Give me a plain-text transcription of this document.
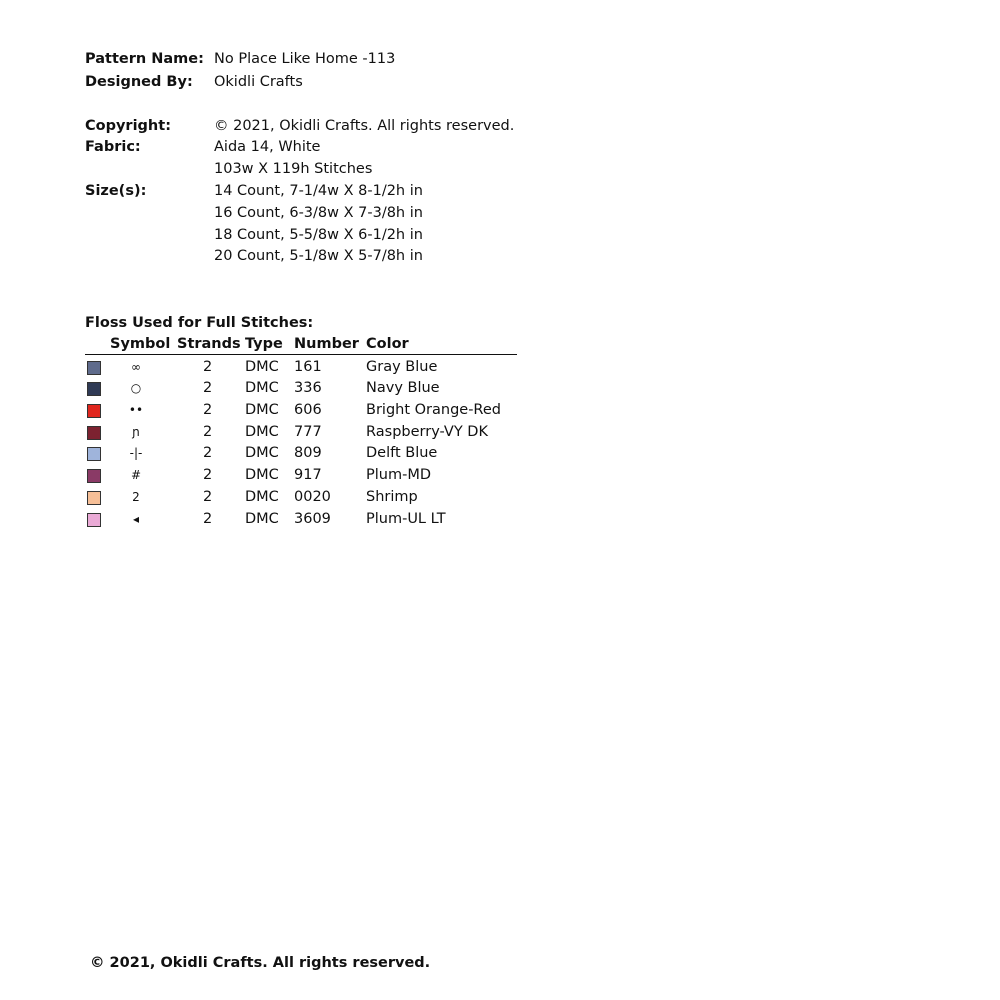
Pattern Name: No Place Like Home -113
Designed By: Okidli Crafts
Copyright:	© 2021, Okidli Crafts. All rights reserved.
Fabric:	Aida 14, White
103w X 119h Stitches
Size(s):	14 Count, 7-1/4w X 8-1/2h in
16 Count, 6-3/8w X 7-3/8h in
18 Count, 5-5/8w X 6-1/2h in
20 Count, 5-1/8w X 5-7/8h in
Floss Used for Full Stitches:
Symbol Strands Type Number Color
∞	2 DMC 161	Gray Blue
○	2 DMC 336	Navy Blue
••	2 DMC 606	Bright Orange-Red
ɲ	2 DMC 777	Raspberry-VY DK
-|-	2 DMC 809	Delft Blue
#	2 DMC 917	Plum-MD
2	2 DMC 0020 Shrimp
◂	2 DMC 3609 Plum-UL LT
© 2021, Okidli Crafts. All rights reserved.
